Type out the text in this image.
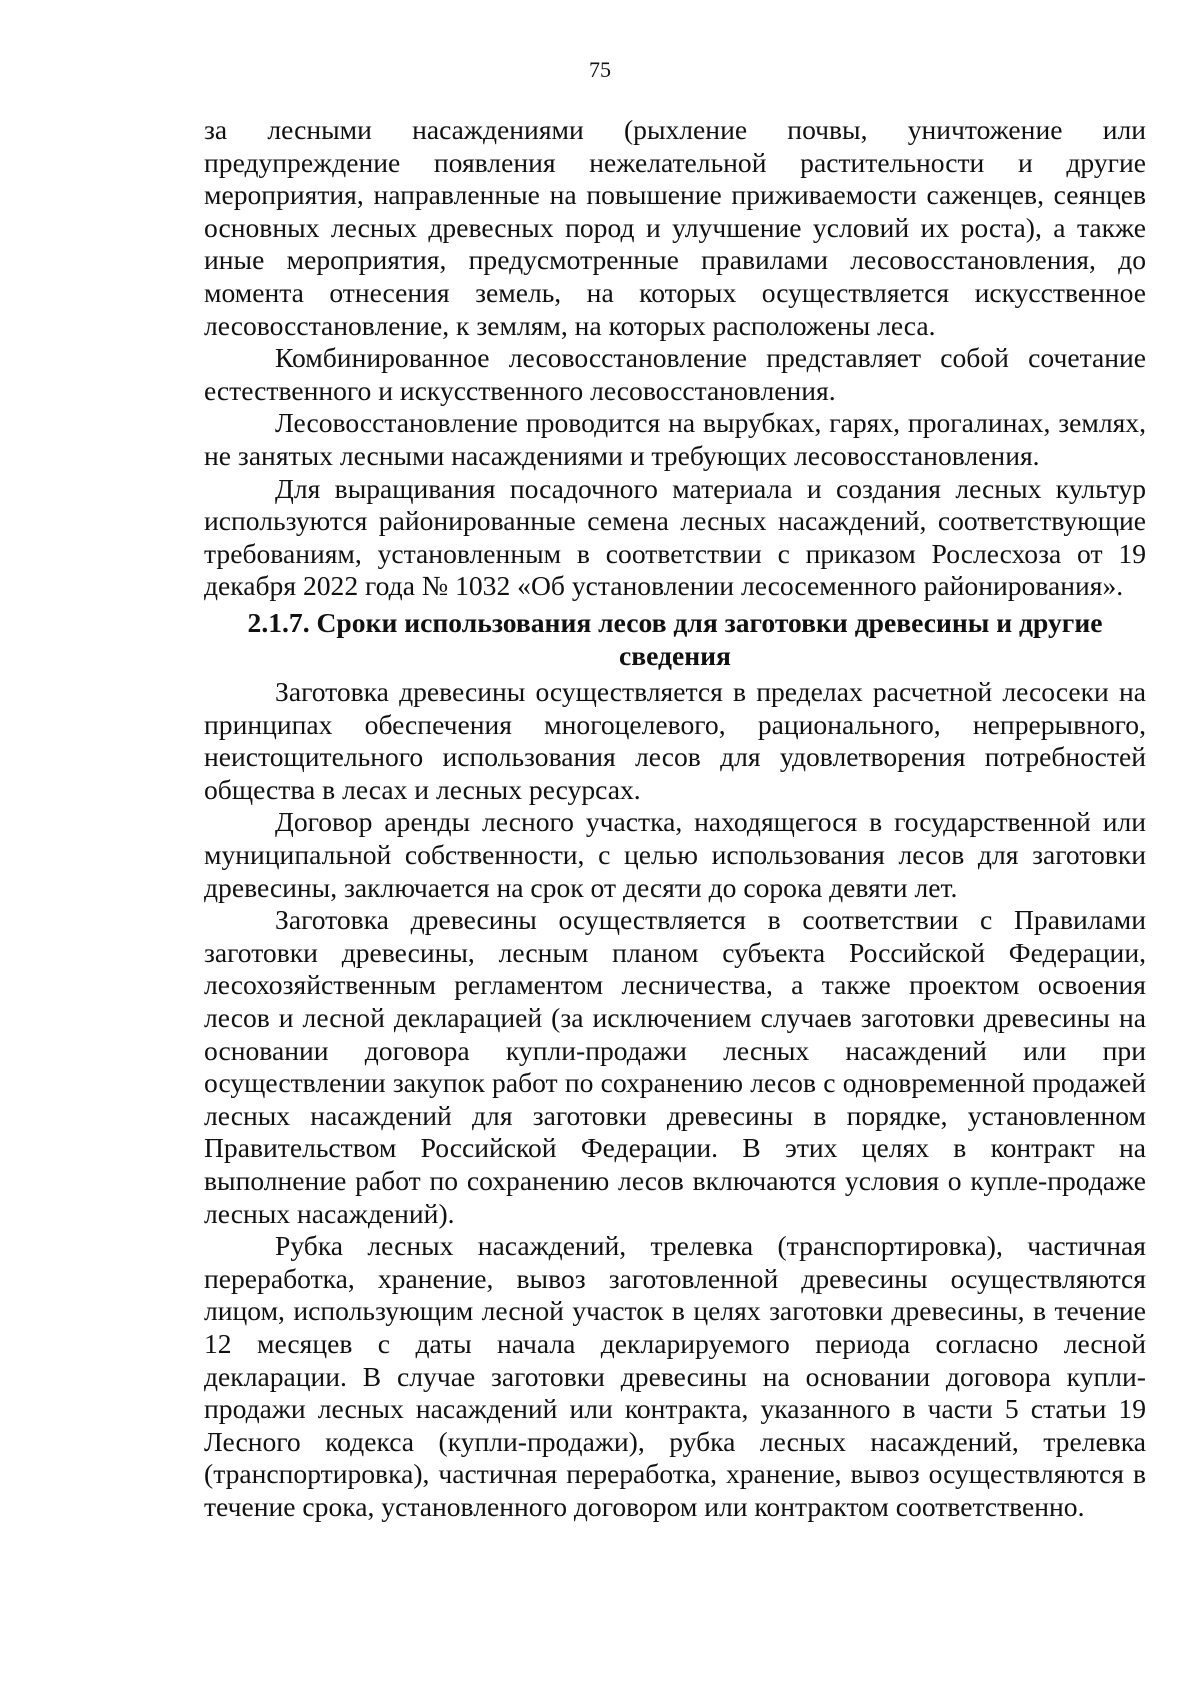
75

за лесными насаждениями (рыхление почвы, уничтожение или предупреждение появления нежелательной растительности и другие мероприятия, направленные на повышение приживаемости саженцев, сеянцев основных лесных древесных пород и улучшение условий их роста), а также иные мероприятия, предусмотренные правилами лесовосстановления, до момента отнесения земель, на которых осуществляется искусственное лесовосстановление, к землям, на которых расположены леса.

Комбинированное лесовосстановление представляет собой сочетание естественного и искусственного лесовосстановления.

Лесовосстановление проводится на вырубках, гарях, прогалинах, землях, не занятых лесными насаждениями и требующих лесовосстановления.

Для выращивания посадочного материала и создания лесных культур используются районированные семена лесных насаждений, соответствующие требованиям, установленным в соответствии с приказом Рослесхоза от 19 декабря 2022 года № 1032 «Об установлении лесосеменного районирования».

2.1.7. Сроки использования лесов для заготовки древесины и другие сведения

Заготовка древесины осуществляется в пределах расчетной лесосеки на принципах обеспечения многоцелевого, рационального, непрерывного, неистощительного использования лесов для удовлетворения потребностей общества в лесах и лесных ресурсах.

Договор аренды лесного участка, находящегося в государственной или муниципальной собственности, с целью использования лесов для заготовки древесины, заключается на срок от десяти до сорока девяти лет.

Заготовка древесины осуществляется в соответствии с Правилами заготовки древесины, лесным планом субъекта Российской Федерации, лесохозяйственным регламентом лесничества, а также проектом освоения лесов и лесной декларацией (за исключением случаев заготовки древесины на основании договора купли-продажи лесных насаждений или при осуществлении закупок работ по сохранению лесов с одновременной продажей лесных насаждений для заготовки древесины в порядке, установленном Правительством Российской Федерации. В этих целях в контракт на выполнение работ по сохранению лесов включаются условия о купле-продаже лесных насаждений).

Рубка лесных насаждений, трелевка (транспортировка), частичная переработка, хранение, вывоз заготовленной древесины осуществляются лицом, использующим лесной участок в целях заготовки древесины, в течение 12 месяцев с даты начала декларируемого периода согласно лесной декларации. В случае заготовки древесины на основании договора купли-продажи лесных насаждений или контракта, указанного в части 5 статьи 19 Лесного кодекса (купли-продажи), рубка лесных насаждений, трелевка (транспортировка), частичная переработка, хранение, вывоз осуществляются в течение срока, установленного договором или контрактом соответственно.
